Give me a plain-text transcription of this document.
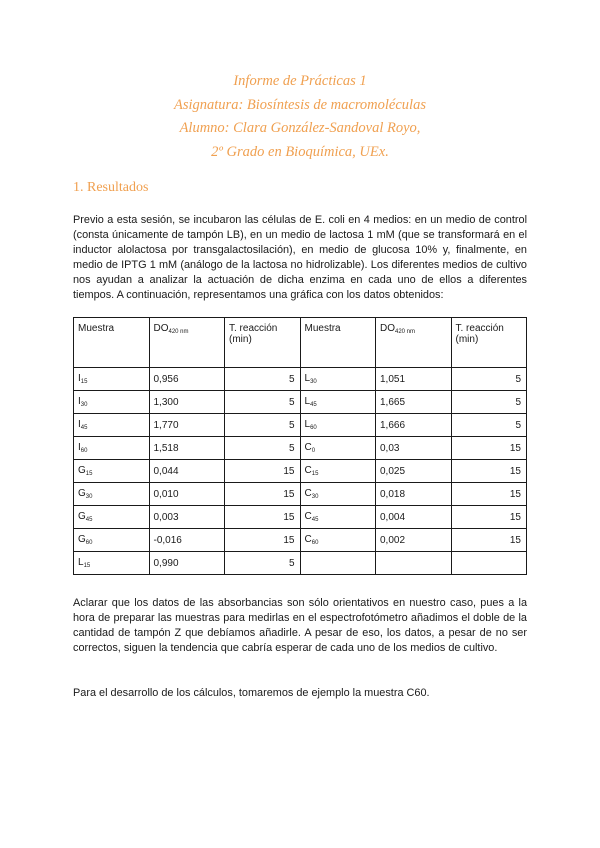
Informe de Prácticas 1
Asignatura: Biosíntesis de macromoléculas
Alumno: Clara González-Sandoval Royo,
2º Grado en Bioquímica, UEx.
1. Resultados
Previo a esta sesión, se incubaron las células de E. coli en 4 medios: en un medio de control (consta únicamente de tampón LB), en un medio de lactosa 1 mM (que se transformará en el inductor alolactosa por transgalactosilación), en medio de glucosa 10% y, finalmente, en medio de IPTG 1 mM (análogo de la lactosa no hidrolizable). Los diferentes medios de cultivo nos ayudan a analizar la actuación de dicha enzima en cada uno de ellos a diferentes tiempos. A continuación, representamos una gráfica con los datos obtenidos:
Muestra	$DO_{420 nm}$	T. reacción (min)	Muestra	$DO_{420 nm}$	T. reacción (min)
$I_{15}$	0,956	5	$L_{30}$	1,051	5
$I_{30}$	1,300	5	$L_{45}$	1,665	5
$I_{45}$	1,770	5	$L_{60}$	1,666	5
$I_{60}$	1,518	5	$C_0$	0,03	15
$G_{15}$	0,044	15	$C_{15}$	0,025	15
$G_{30}$	0,010	15	$C_{30}$	0,018	15
$G_{45}$	0,003	15	$C_{45}$	0,004	15
$G_{60}$	-0,016	15	$C_{60}$	0,002	15
$L_{15}$	0,990	5			
Aclarar que los datos de las absorbancias son sólo orientativos en nuestro caso, pues a la hora de preparar las muestras para medirlas en el espectrofotómetro añadimos el doble de la cantidad de tampón Z que debíamos añadirle. A pesar de eso, los datos, a pesar de no ser correctos, siguen la tendencia que cabría esperar de cada uno de los medios de cultivo.
Para el desarrollo de los cálculos, tomaremos de ejemplo la muestra C60.
